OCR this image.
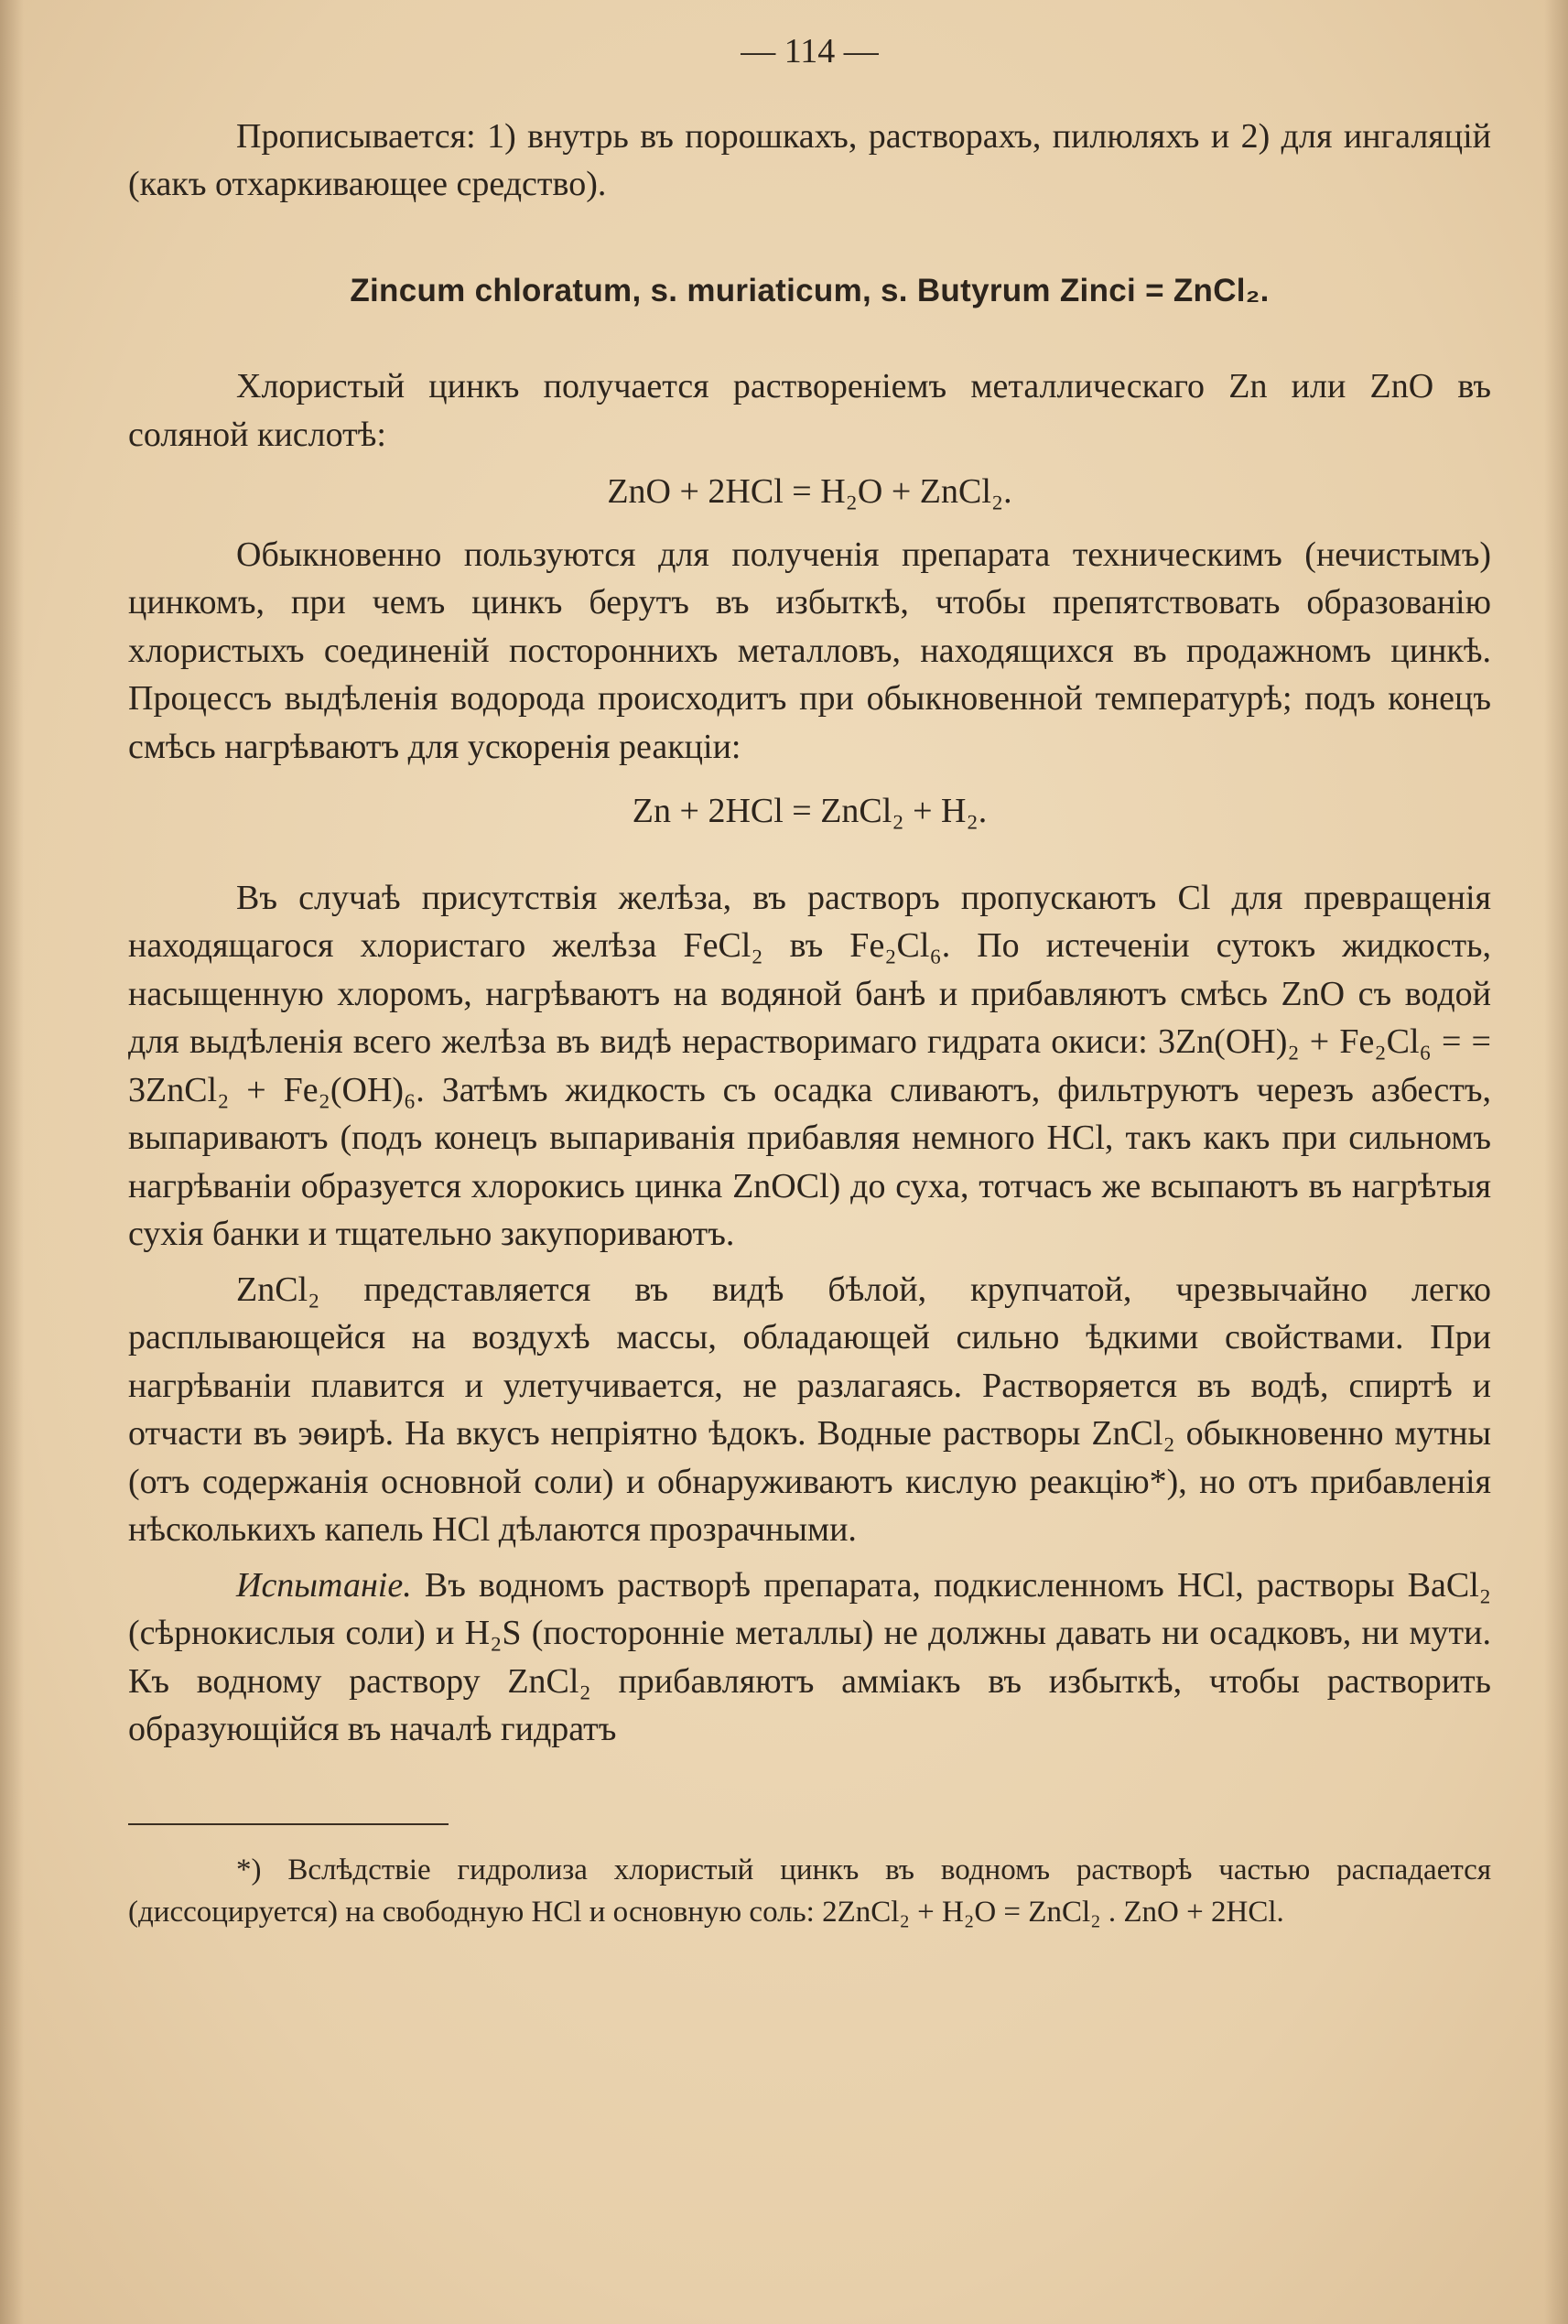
— 114 —

Прописывается: 1) внутрь въ порошкахъ, растворахъ, пилюляхъ и 2) для ингаляцій (какъ отхаркивающее средство).

Zincum chloratum, s. muriaticum, s. Butyrum Zinci = ZnCl₂.

Хлористый цинкъ получается раствореніемъ металлическаго Zn или ZnO въ соляной кислотѣ:

ZnO + 2HCl = H₂O + ZnCl₂.

Обыкновенно пользуются для полученія препарата техническимъ (нечистымъ) цинкомъ, при чемъ цинкъ берутъ въ избыткѣ, чтобы препятствовать образованію хлористыхъ соединеній постороннихъ металловъ, находящихся въ продажномъ цинкѣ. Процессъ выдѣленія водорода происходитъ при обыкновенной температурѣ; подъ конецъ смѣсь нагрѣваютъ для ускоренія реакціи:

Zn + 2HCl = ZnCl₂ + H₂.

Въ случаѣ присутствія желѣза, въ растворъ пропускаютъ Cl для превращенія находящагося хлористаго желѣза FeCl₂ въ Fe₂Cl₆. По истеченіи сутокъ жидкость, насыщенную хлоромъ, нагрѣваютъ на водяной банѣ и прибавляютъ смѣсь ZnO съ водой для выдѣленія всего желѣза въ видѣ нерастворимаго гидрата окиси: 3Zn(OH)₂ + Fe₂Cl₆ = = 3ZnCl₂ + Fe₂(OH)₆. Затѣмъ жидкость съ осадка сливаютъ, фильтруютъ черезъ азбестъ, выпариваютъ (подъ конецъ выпариванія прибавляя немного HCl, такъ какъ при сильномъ нагрѣваніи образуется хлорокись цинка ZnOCl) до суха, тотчасъ же всыпаютъ въ нагрѣтыя сухія банки и тщательно закупориваютъ.

ZnCl₂ представляется въ видѣ бѣлой, крупчатой, чрезвычайно легко расплывающейся на воздухѣ массы, обладающей сильно ѣдкими свойствами. При нагрѣваніи плавится и улетучивается, не разлагаясь. Растворяется въ водѣ, спиртѣ и отчасти въ эѳирѣ. На вкусъ непріятно ѣдокъ. Водные растворы ZnCl₂ обыкновенно мутны (отъ содержанія основной соли) и обнаруживаютъ кислую реакцію*), но отъ прибавленія нѣсколькихъ капель HCl дѣлаются прозрачными.

Испытаніе. Въ водномъ растворѣ препарата, подкисленномъ HCl, растворы BaCl₂ (сѣрнокислыя соли) и H₂S (посторонніе металлы) не должны давать ни осадковъ, ни мути. Къ водному раствору ZnCl₂ прибавляютъ амміакъ въ избыткѣ, чтобы растворить образующійся въ началѣ гидратъ

*) Вслѣдствіе гидролиза хлористый цинкъ въ водномъ растворѣ частью распадается (диссоцируется) на свободную HCl и основную соль: 2ZnCl₂ + H₂O = ZnCl₂ . ZnO + 2HCl.
